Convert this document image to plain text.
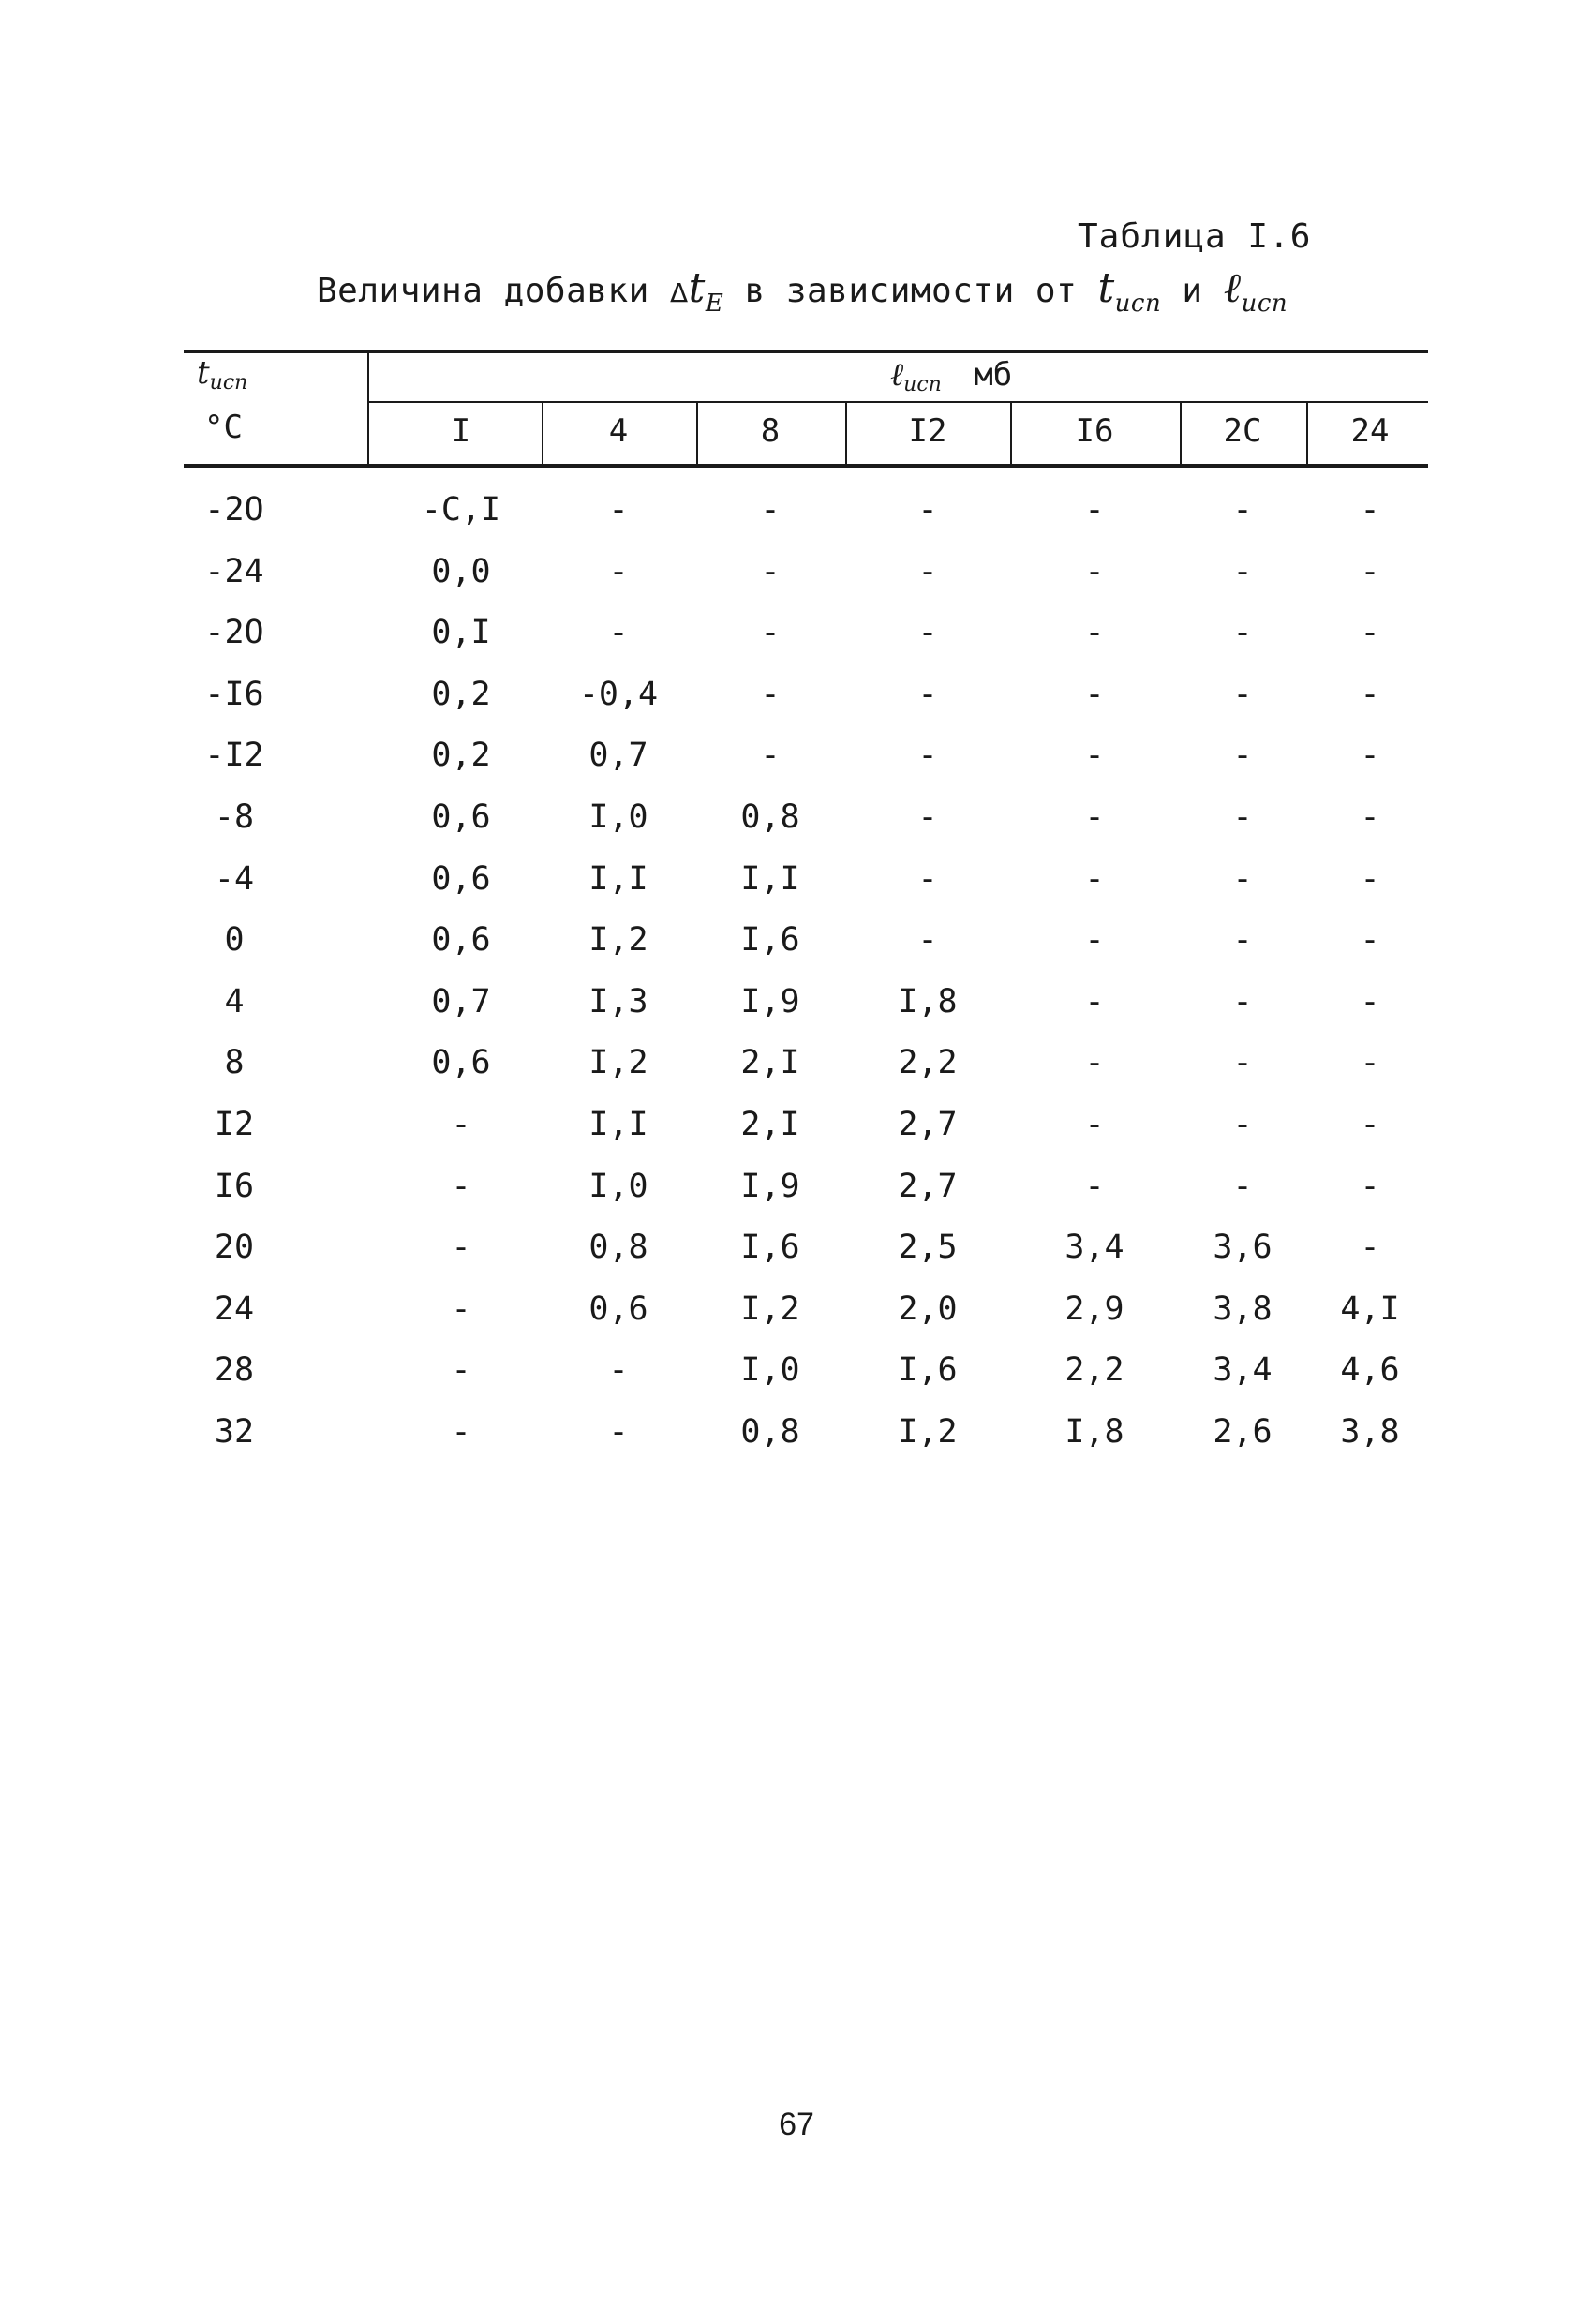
Таблица I.6
Величина добавки $\Delta t_E$ в зависимости от $t_{исп}$ и ℓ$_{исп}$
tисп
°C
ℓисп мб
I	4	8	I2	I6	2C	24
-2O	-C,I	-	-	-	-	-	-
-24	0,0	-	-	-	-	-	-
-2O	0,I	-	-	-	-	-	-
-I6	0,2	-0,4	-	-	-	-	-
-I2	0,2	0,7	-	-	-	-	-
-8	0,6	I,0	0,8	-	-	-	-
-4	0,6	I,I	I,I	-	-	-	-
0	0,6	I,2	I,6	-	-	-	-
4	0,7	I,3	I,9	I,8	-	-	-
8	0,6	I,2	2,I	2,2	-	-	-
I2	-	I,I	2,I	2,7	-	-	-
I6	-	I,0	I,9	2,7	-	-	-
20	-	0,8	I,6	2,5	3,4	3,6	-
24	-	0,6	I,2	2,0	2,9	3,8	4,I
28	-	-	I,0	I,6	2,2	3,4	4,6
32	-	-	0,8	I,2	I,8	2,6	3,8
67
